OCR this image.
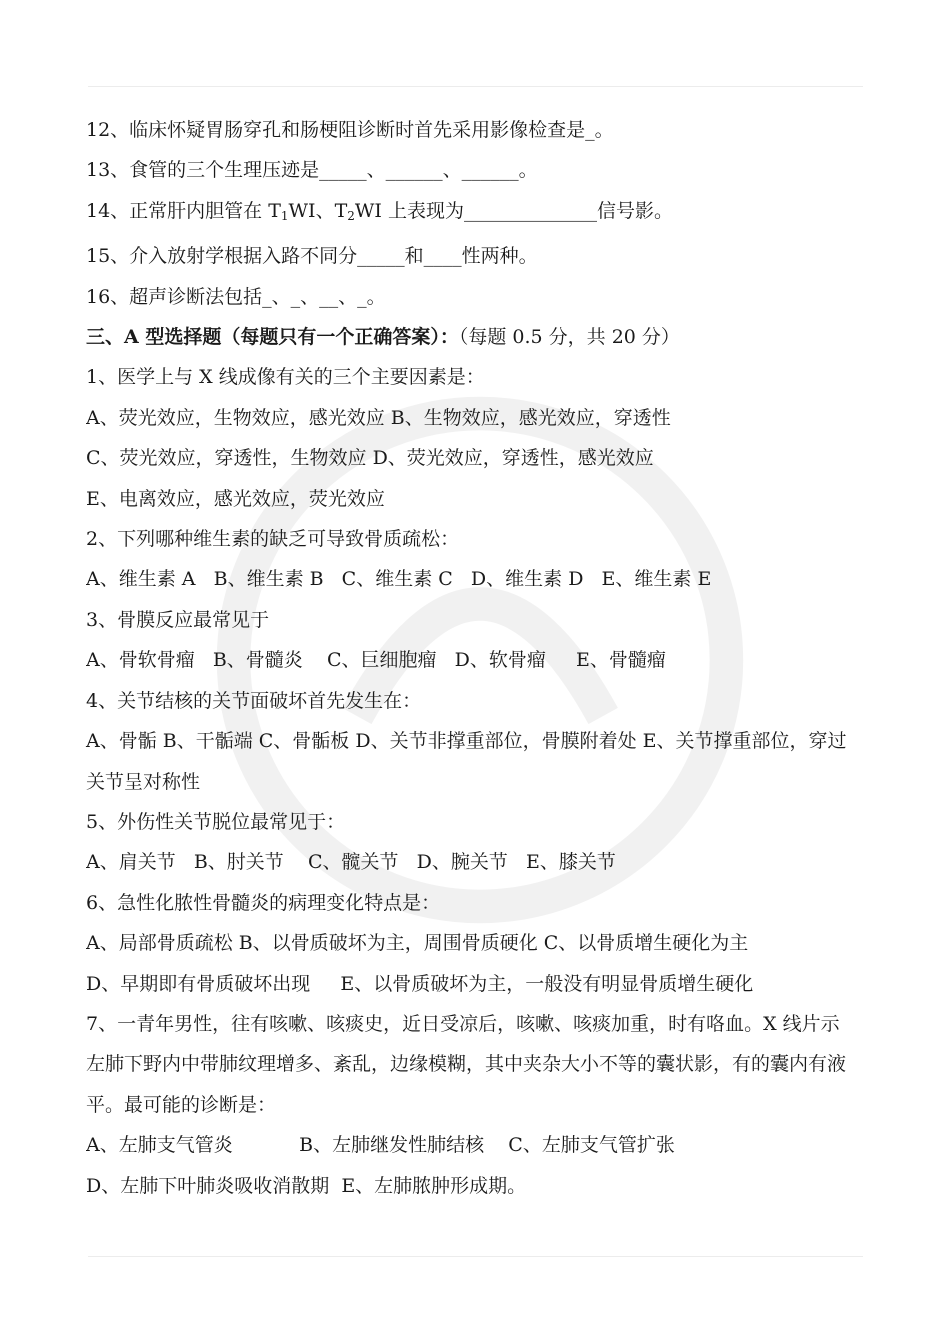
12、临床怀疑胃肠穿孔和肠梗阻诊断时首先采用影像检查是_。
13、食管的三个生理压迹是_____、______、______。
14、正常肝内胆管在 $T_1WI$、$T_2WI$ 上表现为______________信号影。
15、介入放射学根据入路不同分_____和____性两种。
16、超声诊断法包括_、_、__、_。
三、A 型选择题（每题只有一个正确答案）：（每题 0.5 分，共 20 分）
1、医学上与 X 线成像有关的三个主要因素是：
A、荧光效应，生物效应，感光效应 B、生物效应，感光效应，穿透性
C、荧光效应，穿透性，生物效应 D、荧光效应，穿透性，感光效应
E、电离效应，感光效应，荧光效应
2、下列哪种维生素的缺乏可导致骨质疏松：
A、维生素 A   B、维生素 B   C、维生素 C   D、维生素 D   E、维生素 E
3、骨膜反应最常见于
A、骨软骨瘤   B、骨髓炎    C、巨细胞瘤   D、软骨瘤     E、骨髓瘤
4、关节结核的关节面破坏首先发生在：
A、骨骺 B、干骺端 C、骨骺板 D、关节非撑重部位，骨膜附着处 E、关节撑重部位，穿过关节呈对称性
5、外伤性关节脱位最常见于：
A、肩关节   B、肘关节    C、髋关节   D、腕关节   E、膝关节
6、急性化脓性骨髓炎的病理变化特点是：
A、局部骨质疏松 B、以骨质破坏为主，周围骨质硬化 C、以骨质增生硬化为主
D、早期即有骨质破坏出现     E、以骨质破坏为主，一般没有明显骨质增生硬化
7、一青年男性，往有咳嗽、咳痰史，近日受凉后，咳嗽、咳痰加重，时有咯血。X 线片示左肺下野内中带肺纹理增多、紊乱，边缘模糊，其中夹杂大小不等的囊状影，有的囊内有液平。最可能的诊断是：
A、左肺支气管炎           B、左肺继发性肺结核    C、左肺支气管扩张
D、左肺下叶肺炎吸收消散期  E、左肺脓肿形成期。
